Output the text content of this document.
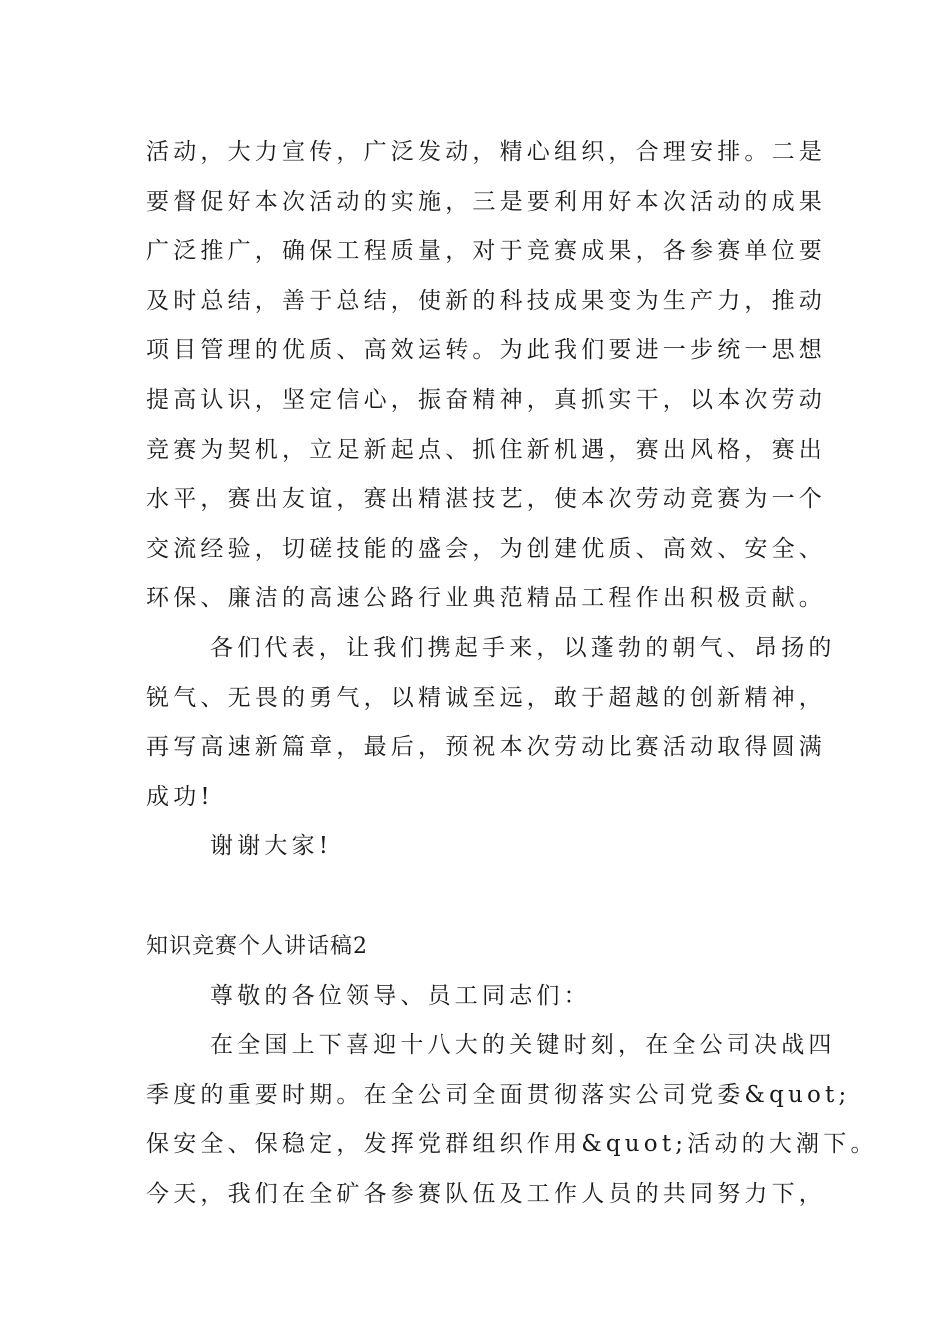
活动，大力宣传，广泛发动，精心组织，合理安排。二是
要督促好本次活动的实施，三是要利用好本次活动的成果
广泛推广，确保工程质量，对于竞赛成果，各参赛单位要
及时总结，善于总结，使新的科技成果变为生产力，推动
项目管理的优质、高效运转。为此我们要进一步统一思想
提高认识，坚定信心，振奋精神，真抓实干，以本次劳动
竞赛为契机，立足新起点、抓住新机遇，赛出风格，赛出
水平，赛出友谊，赛出精湛技艺，使本次劳动竞赛为一个
交流经验，切磋技能的盛会，为创建优质、高效、安全、
环保、廉洁的高速公路行业典范精品工程作出积极贡献。
各们代表，让我们携起手来，以蓬勃的朝气、昂扬的
锐气、无畏的勇气，以精诚至远，敢于超越的创新精神，
再写高速新篇章，最后，预祝本次劳动比赛活动取得圆满
成功!
谢谢大家!
知识竞赛个人讲话稿2
尊敬的各位领导、员工同志们：
在全国上下喜迎十八大的关键时刻，在全公司决战四
季度的重要时期。在全公司全面贯彻落实公司党委&quot;
保安全、保稳定，发挥党群组织作用&quot;活动的大潮下。
今天，我们在全矿各参赛队伍及工作人员的共同努力下，
